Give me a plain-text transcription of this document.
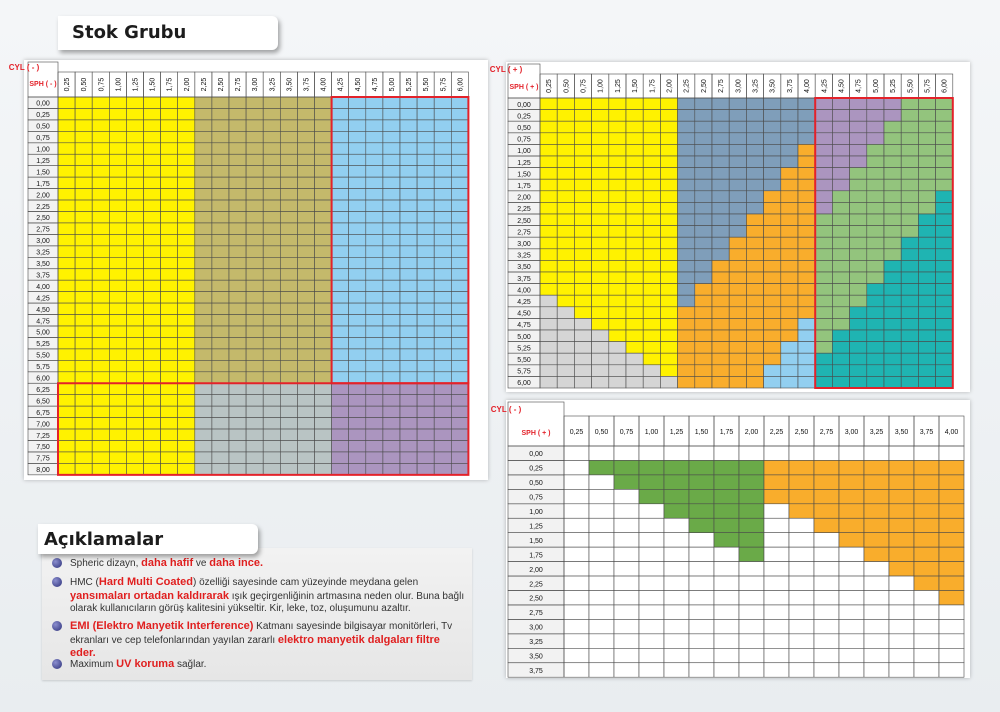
Stok Grubu
CYL ( - )
SPH ( - ) 0,25 0,50 0,75 1,00 1,25 1,50 1,75 2,00 2,25 2,50 2,75 3,00 3,25 3,50 3,75 4,00 4,25 4,50 4,75 5,00 5,25 5,50 5,75 6,00
0,00
0,25
0,50
0,75
1,00
1,25
1,50
1,75
2,00
2,25
2,50
2,75
3,00
3,25
3,50
3,75
4,00
4,25
4,50
4,75
5,00
5,25
5,50
5,75
6,00
6,25
6,50
6,75
7,00
7,25
7,50
7,75
8,00
CYL ( + )
SPH ( + ) 0,25 0,50 0,75 1,00 1,25 1,50 1,75 2,00 2,25 2,50 2,75 3,00 3,25 3,50 3,75 4,00 4,25 4,50 4,75 5,00 5,25 5,50 5,75 6,00
0,00
0,25
0,50
0,75
1,00
1,25
1,50
1,75
2,00
2,25
2,50
2,75
3,00
3,25
3,50
3,75
4,00
4,25
4,50
4,75
5,00
5,25
5,50
5,75
6,00
CYL ( - )
SPH ( + )	0,25 0,50 0,75 1,00 1,25 1,50 1,75 2,00 2,25 2,50 2,75 3,00 3,25 3,50 3,75 4,00
0,00
0,25
0,50
0,75
1,00
1,25
1,50
1,75
2,00
2,25
2,50
2,75
3,00
3,25
3,50
3,75
Spheric dizayn, daha hafif ve daha ince.
HMC (Hard Multi Coated) özelliği sayesinde cam yüzeyinde meydana gelen yansımaları ortadan kaldırarak ışık geçirgenliğinin artmasına neden olur. Buna bağlı olarak kullanıcıların görüş kalitesini yükseltir. Kir, leke, toz, oluşumunu azaltır.
EMI (Elektro Manyetik Interference) Katmanı sayesinde bilgisayar monitörleri, Tv ekranları ve cep telefonlarından yayılan zararlı elektro manyetik dalgaları filtre eder.
Maximum UV koruma sağlar.
Açıklamalar
